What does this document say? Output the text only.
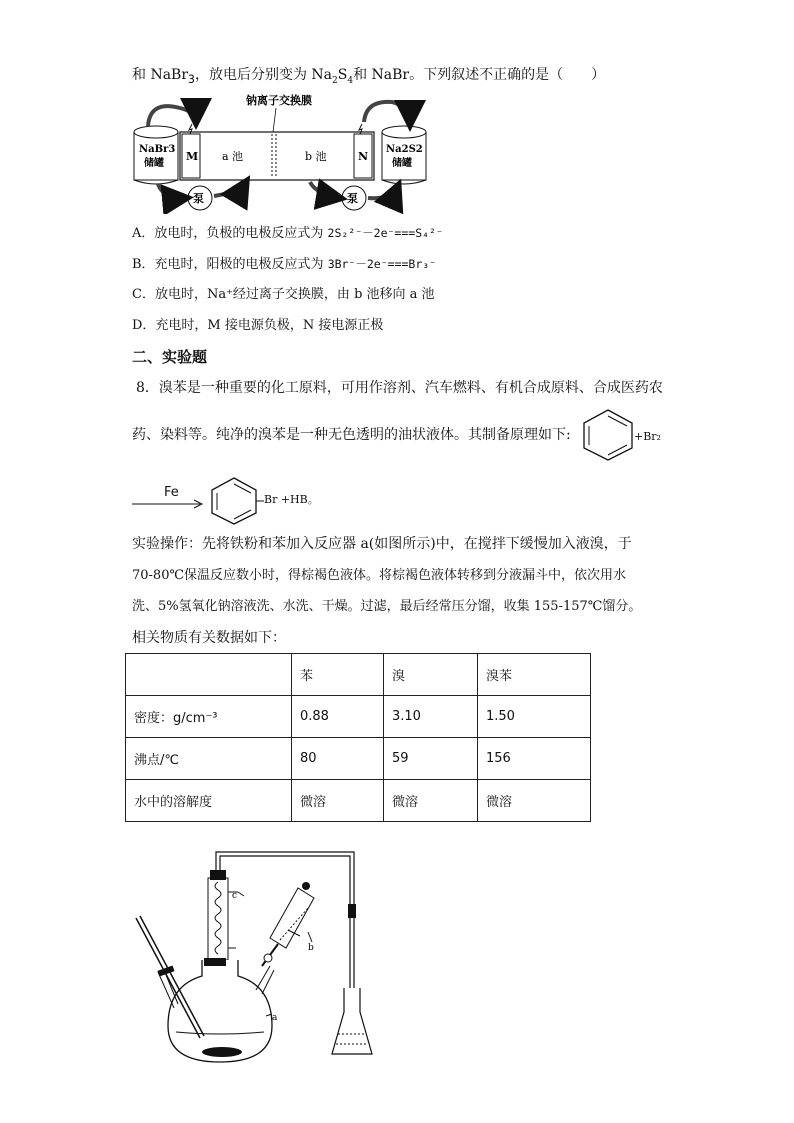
和 NaBr$_3$，放电后分别变为 $Na_2S_4$和 NaBr。下列叙述不正确的是（　　）
钠离子交换膜
NaBr3
储罐
Na2S2
储罐
M	N
a 池	b 池
泵	泵
A．放电时，负极的电极反应式为 2S₂²⁻－2e⁻===S₄²⁻
B．充电时，阳极的电极反应式为 3Br⁻－2e⁻===Br₃⁻
C．放电时，Na⁺经过离子交换膜，由 b 池移向 a 池
D．充电时，M 接电源负极，N 接电源正极
二、实验题
8．溴苯是一种重要的化工原料，可用作溶剂、汽车燃料、有机合成原料、合成医药农
药、染料等。纯净的溴苯是一种无色透明的油状液体。其制备原理如下:	+Br₂
Fe	Br +HB。
实验操作：先将铁粉和苯加入反应器 a(如图所示)中，在搅拌下缓慢加入液溴，于
70-80℃保温反应数小时，得棕褐色液体。将棕褐色液体转移到分液漏斗中，依次用水
洗、5%氢氧化钠溶液洗、水洗、干燥。过滤，最后经常压分馏，收集 155-157℃馏分。
相关物质有关数据如下：
	苯	溴	溴苯
密度：g/cm⁻³	0.88	3.10	1.50
沸点/℃	80	59	156
水中的溶解度	微溶	微溶	微溶
c
b
a
